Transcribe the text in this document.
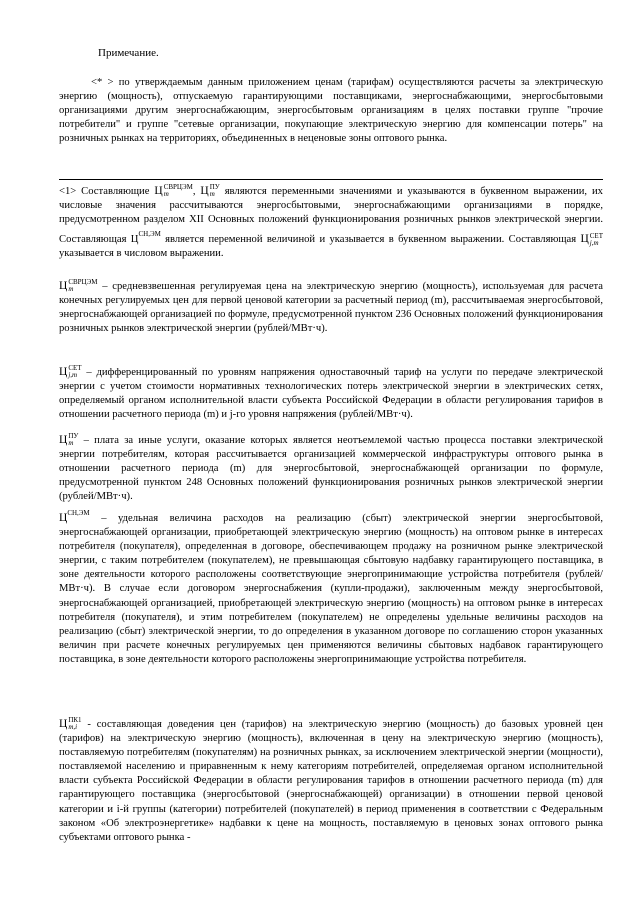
Примечание.
<* > по утверждаемым данным приложением ценам (тарифам) осуществляются расчеты за электрическую энергию (мощность), отпускаемую гарантирующими поставщиками, энергоснабжающими, энергосбытовыми организациями другим энергоснабжающим, энергосбытовым организациям в целях поставки группе "прочие потребители" и группе "сетевые организации, покупающие электрическую энергию для компенсации потерь" на розничных рынках на территориях, объединенных в неценовые зоны оптового рынка.
<1> Составляющие Ц СВРЦЭМ
m	, Ц ПУ
m являются переменными значениями и указываются в буквенном выражении, их числовые значения рассчитываются энергосбытовыми, энергоснабжающими организациями в порядке, предусмотренном разделом XII Основных положений функционирования розничных рынков электрической энергии. Составляющая $Ц^{СН,ЭМ}$ является переменной величиной и указывается в буквенном выражении. Составляющая Ц СЕТ
j,m
указывается в числовом выражении.
Ц СВРЦЭМ
m	– средневзвешенная регулируемая цена на электрическую энергию (мощность), используемая для расчета конечных регулируемых цен для первой ценовой категории за расчетный период (m), рассчитываемая энергосбытовой, энергоснабжающей организацией по формуле, предусмотренной пунктом 236 Основных положений функционирования розничных рынков электрической энергии (рублей/МВт·ч).
Ц СЕТ
j,m – дифференцированный по уровням напряжения одноставочный тариф на услуги по передаче электрической энергии с учетом стоимости нормативных технологических потерь электрической энергии в электрических сетях, определяемый органом исполнительной власти субъекта Российской Федерации в области регулирования тарифов в отношении расчетного периода (m) и j-го уровня напряжения (рублей/МВт·ч).
Ц ПУ
m – плата за иные услуги, оказание которых является неотъемлемой частью процесса поставки электрической энергии потребителям, которая рассчитывается организацией коммерческой инфраструктуры оптового рынка в отношении расчетного периода (m) для энергосбытовой, энергоснабжающей организации по формуле, предусмотренной пунктом 248 Основных положений функционирования розничных рынков электрической энергии (рублей/МВт·ч).
$Ц^{СН,ЭМ}$ – удельная величина расходов на реализацию (сбыт) электрической энергии энергосбытовой, энергоснабжающей организации, приобретающей электрическую энергию (мощность) на оптовом рынке в интересах потребителя (покупателя), определенная в договоре, обеспечивающем продажу на розничном рынке электрической энергии, с таким потребителем (покупателем), не превышающая сбытовую надбавку гарантирующего поставщика, в зоне деятельности которого расположены соответствующие энергопринимающие устройства потребителя (рублей/МВт·ч). В случае если договором энергоснабжения (купли-продажи), заключенным между энергосбытовой, энергоснабжающей организацией, приобретающей электрическую энергию (мощность) на оптовом рынке в интересах потребителя (покупателя), и этим потребителем (покупателем) не определены удельные величины расходов на реализацию (сбыт) электрической энергии, то до определения в указанном договоре по соглашению сторон указанных величин при расчете конечных регулируемых цен применяются величины сбытовых надбавок гарантирующего поставщика, в зоне деятельности которого расположены энергопринимающие устройства потребителя.
Ц ПК1
m,i - составляющая доведения цен (тарифов) на электрическую энергию (мощность) до базовых уровней цен (тарифов) на электрическую энергию (мощность), включенная в цену на электрическую энергию (мощность), поставляемую потребителям (покупателям) на розничных рынках, за исключением электрической энергии (мощности), поставляемой населению и приравненным к нему категориям потребителей, определяемая органом исполнительной власти субъекта Российской Федерации в области регулирования тарифов в отношении расчетного периода (m) для гарантирующего поставщика (энергосбытовой (энергоснабжающей) организации) в отношении первой ценовой категории и i-й группы (категории) потребителей (покупателей) в период применения в соответствии с Федеральным законом «Об электроэнергетике» надбавки к цене на мощность, поставляемую в ценовых зонах оптового рынка субъектами оптового рынка -
